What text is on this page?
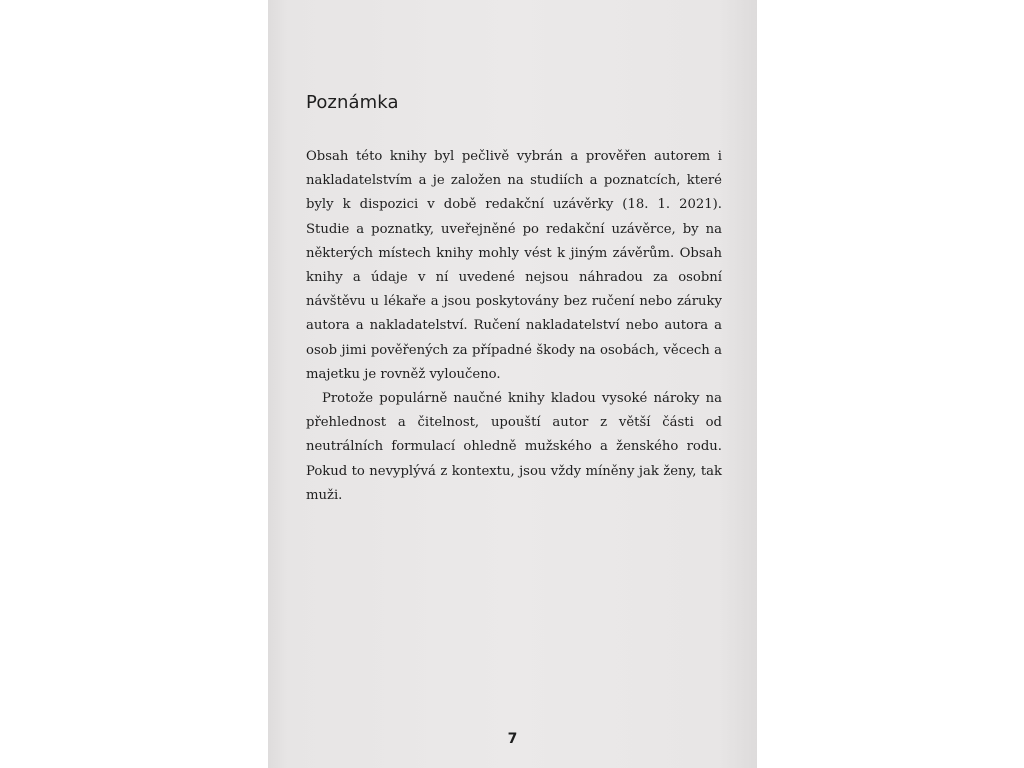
Poznámka

Obsah této knihy byl pečlivě vybrán a prověřen autorem i nakladatelstvím a je založen na studiích a poznatcích, které byly k dispozici v době redakční uzávěrky (18. 1. 2021). Studie a poznatky, uveřejněné po redakční uzávěrce, by na některých místech knihy mohly vést k jiným závěrům. Obsah knihy a údaje v ní uvedené nejsou náhradou za osobní návštěvu u lékaře a jsou poskytovány bez ručení nebo záruky autora a nakladatelství. Ručení nakladatelství nebo autora a osob jimi pověřených za případné škody na osobách, věcech a majetku je rovněž vyloučeno.

Protože populárně naučné knihy kladou vysoké nároky na přehlednost a čitelnost, upouští autor z větší části od neutrálních formulací ohledně mužského a ženského rodu. Pokud to nevyplývá z kontextu, jsou vždy míněny jak ženy, tak muži.

7
